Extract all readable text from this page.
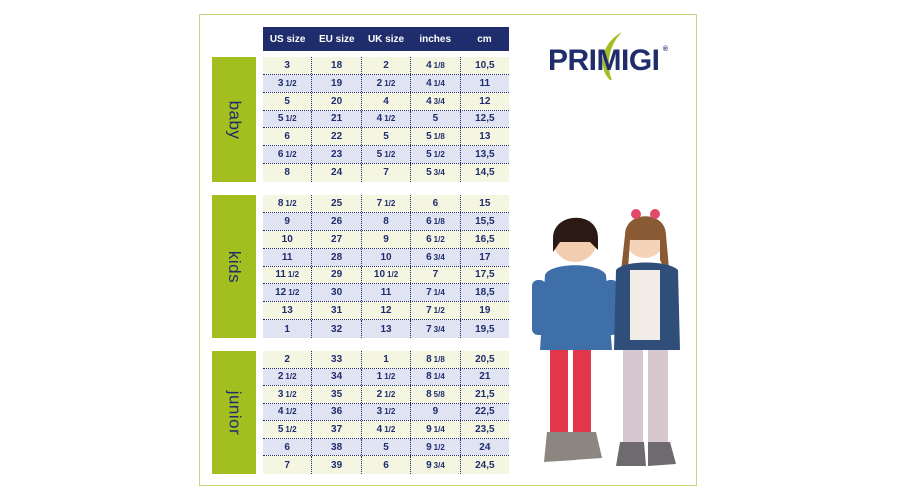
US size	EU size	UK size	inches	cm
baby
3	18	2	4 1/8	10,5
3 1/2	19	2 1/2	4 1/4	11
5	20	4	4 3/4	12
5 1/2	21	4 1/2	5	12,5
6	22	5	5 1/8	13
6 1/2	23	5 1/2	5 1/2	13,5
8	24	7	5 3/4	14,5
kids
8 1/2	25	7 1/2	6	15
9	26	8	6 1/8	15,5
10	27	9	6 1/2	16,5
11	28	10	6 3/4	17
11 1/2	29	10 1/2	7	17,5
12 1/2	30	11	7 1/4	18,5
13	31	12	7 1/2	19
1	32	13	7 3/4	19,5
junior
2	33	1	8 1/8	20,5
2 1/2	34	1 1/2	8 1/4	21
3 1/2	35	2 1/2	8 5/8	21,5
4 1/2	36	3 1/2	9	22,5
5 1/2	37	4 1/2	9 1/4	23,5
6	38	5	9 1/2	24
7	39	6	9 3/4	24,5
PRIMIGI ®
